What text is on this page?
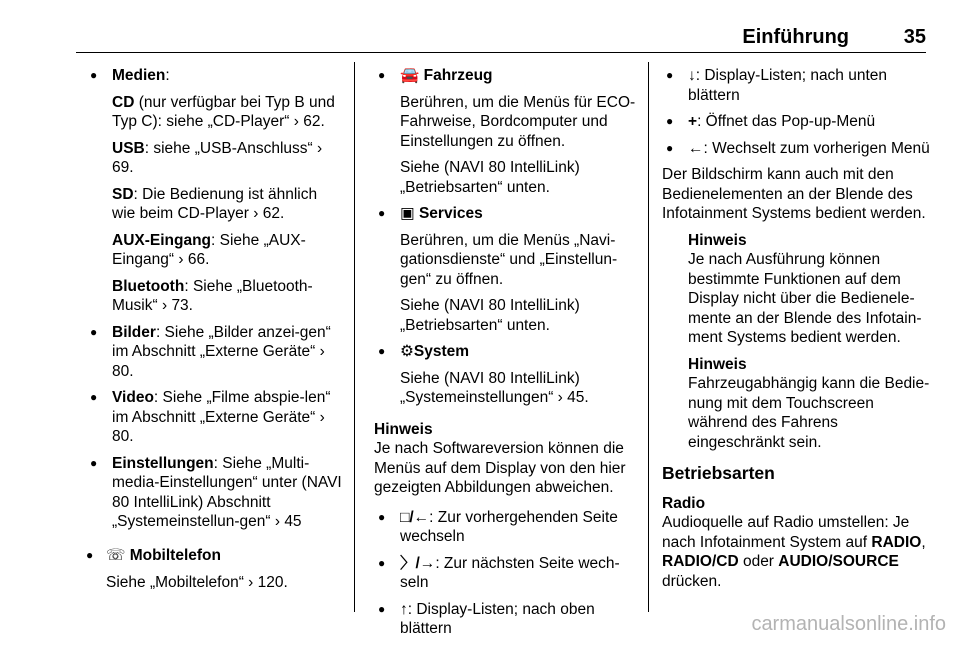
Einführung	35

● Medien:

CD (nur verfügbar bei Typ B und Typ C): siehe „CD-Player“ › 62.

USB: siehe „USB-Anschluss“ › 69.

SD: Die Bedienung ist ähnlich wie beim CD-Player › 62.

AUX-Eingang: Siehe „AUX-Eingang“ › 66.

Bluetooth: Siehe „Bluetooth-Musik“ › 73.

● Bilder: Siehe „Bilder anzei-gen“ im Abschnitt „Externe Geräte“ › 80.

● Video: Siehe „Filme abspie-len“ im Abschnitt „Externe Geräte“ › 80.

● Einstellungen: Siehe „Multi-media-Einstellungen“ unter (NAVI 80 IntelliLink) Abschnitt „Systemeinstellun-gen“ › 45

● ☏ Mobiltelefon

Siehe „Mobiltelefon“ › 120.

● 🚘 Fahrzeug

Berühren, um die Menüs für ECO-Fahrweise, Bordcomputer und Einstellungen zu öffnen.

Siehe (NAVI 80 IntelliLink) „Betriebsarten“ unten.

● ▣ Services

Berühren, um die Menüs „Navi-gationsdienste“ und „Einstellun-gen“ zu öffnen.

Siehe (NAVI 80 IntelliLink) „Betriebsarten“ unten.

● ⚙System

Siehe (NAVI 80 IntelliLink) „Systemeinstellungen“ › 45.

Hinweis

Je nach Softwareversion können die Menüs auf dem Display von den hier gezeigten Abbildungen abweichen.

● □/←: Zur vorhergehenden Seite wechseln

● 〉/→: Zur nächsten Seite wech-seln

● ↑: Display-Listen; nach oben blättern

● ↓: Display-Listen; nach unten blättern

● +: Öffnet das Pop-up-Menü

● ←: Wechselt zum vorherigen Menü

Der Bildschirm kann auch mit den Bedienelementen an der Blende des Infotainment Systems bedient werden.

Hinweis

Je nach Ausführung können bestimmte Funktionen auf dem Display nicht über die Bedienele-mente an der Blende des Infotain-ment Systems bedient werden.

Hinweis

Fahrzeugabhängig kann die Bedie-nung mit dem Touchscreen während des Fahrens eingeschränkt sein.

Betriebsarten

Radio

Audioquelle auf Radio umstellen: Je nach Infotainment System auf RADIO, RADIO/CD oder AUDIO/SOURCE drücken.

carmanualsonline.info
